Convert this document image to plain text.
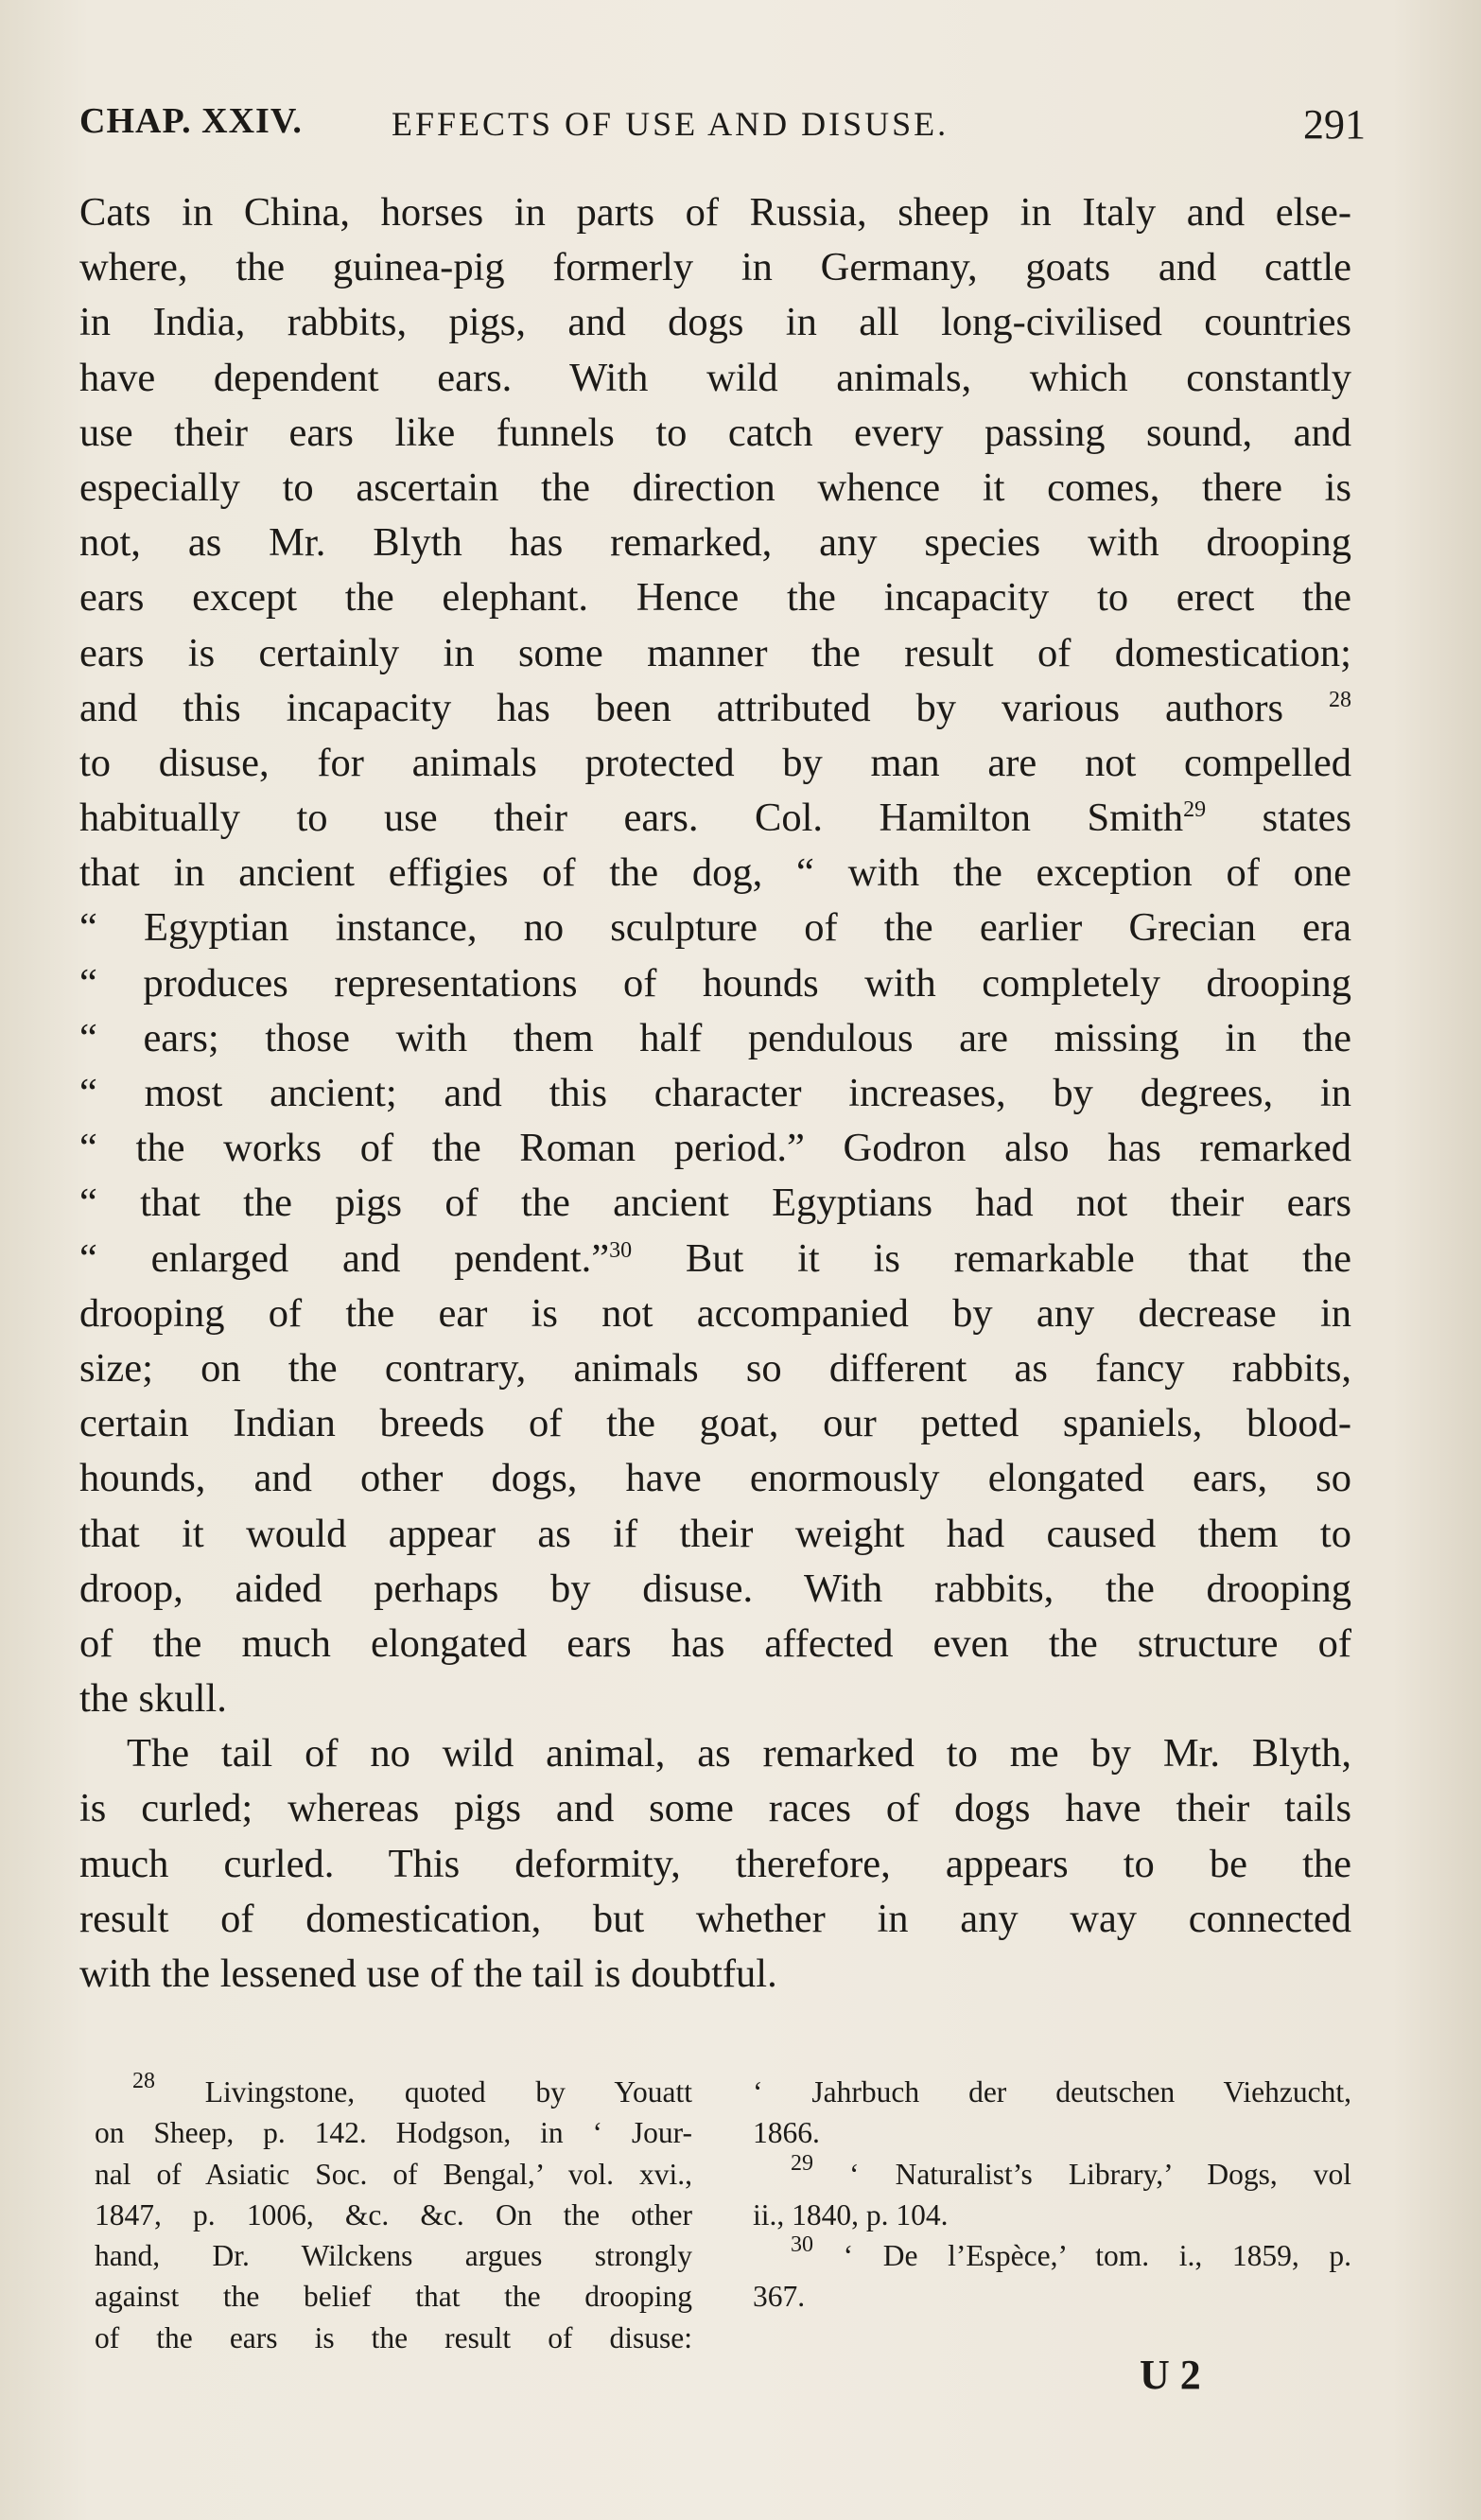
CHAP. XXIV.	EFFECTS OF USE AND DISUSE.	291
Cats in China, horses in parts of Russia, sheep in Italy and else-
where, the guinea-pig formerly in Germany, goats and cattle
in India, rabbits, pigs, and dogs in all long-civilised countries
have dependent ears. With wild animals, which constantly
use their ears like funnels to catch every passing sound, and
especially to ascertain the direction whence it comes, there is
not, as Mr. Blyth has remarked, any species with drooping
ears except the elephant. Hence the incapacity to erect the
ears is certainly in some manner the result of domestication;
and this incapacity has been attributed by various authors $^{28}$
to disuse, for animals protected by man are not compelled
habitually to use their ears. Col. Hamilton Smith$^{29}$ states
that in ancient effigies of the dog, “ with the exception of one
“ Egyptian instance, no sculpture of the earlier Grecian era
“ produces representations of hounds with completely drooping
“ ears; those with them half pendulous are missing in the
“ most ancient; and this character increases, by degrees, in
“ the works of the Roman period.” Godron also has remarked
“ that the pigs of the ancient Egyptians had not their ears
“ enlarged and pendent.”$^{30}$ But it is remarkable that the
drooping of the ear is not accompanied by any decrease in
size; on the contrary, animals so different as fancy rabbits,
certain Indian breeds of the goat, our petted spaniels, blood-
hounds, and other dogs, have enormously elongated ears, so
that it would appear as if their weight had caused them to
droop, aided perhaps by disuse. With rabbits, the drooping
of the much elongated ears has affected even the structure of
the skull.
The tail of no wild animal, as remarked to me by Mr. Blyth,
is curled; whereas pigs and some races of dogs have their tails
much curled. This deformity, therefore, appears to be the
result of domestication, but whether in any way connected
with the lessened use of the tail is doubtful.
$^{28}$ Livingstone, quoted by Youatt
on Sheep, p. 142. Hodgson, in ‘ Jour-
nal of Asiatic Soc. of Bengal,’ vol. xvi.,
1847, p. 1006, &c. &c. On the other
hand, Dr. Wilckens argues strongly
against the belief that the drooping
of the ears is the result of disuse:
‘ Jahrbuch der deutschen Viehzucht,
1866.
$^{29}$ ‘ Naturalist’s Library,’ Dogs, vol
ii., 1840, p. 104.
$^{30}$ ‘ De l’Espèce,’ tom. i., 1859, p.
367.
U 2
